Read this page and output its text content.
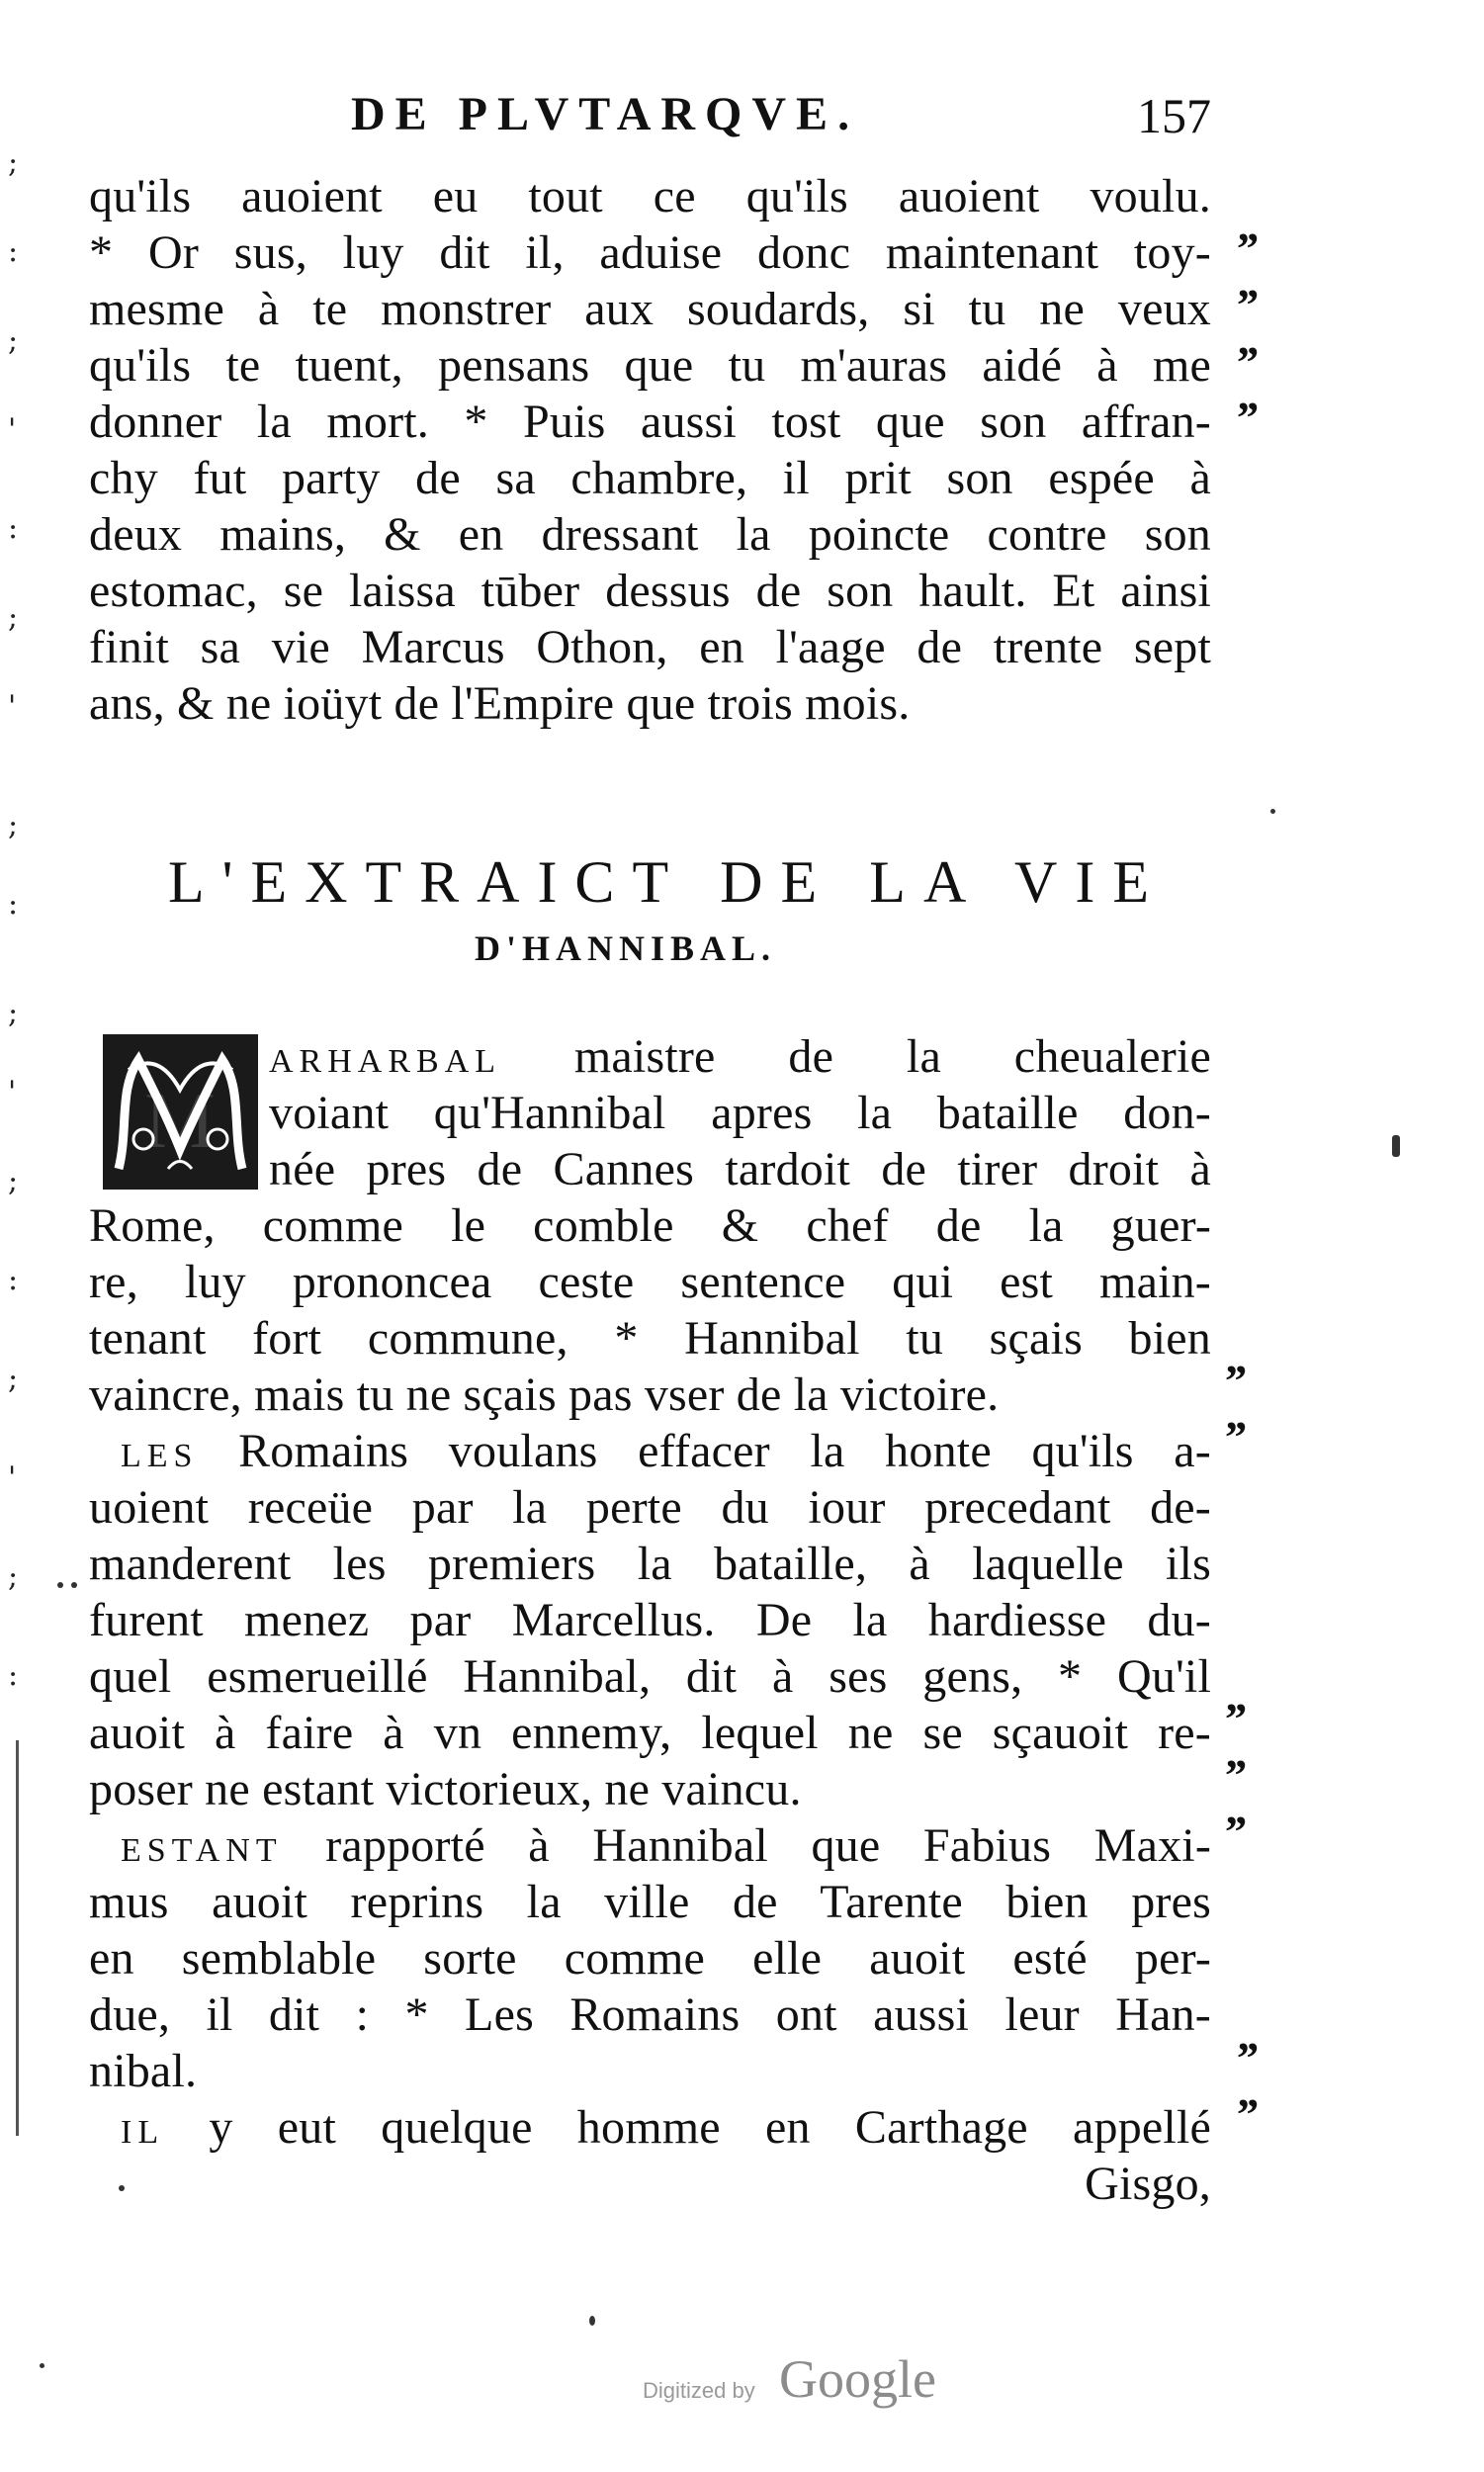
;
:
;
'
:
;
'
;
:
;
'
;
:
;
'
;
:
DE PLVTARQVE.	157
qu'ils auoient eu tout ce qu'ils auoient voulu.
* Or sus, luy dit il, aduise donc maintenant toy-
mesme à te monstrer aux soudards, si tu ne veux
qu'ils te tuent, pensans que tu m'auras aidé à me
donner la mort. * Puis aussi tost que son affran-
chy fut party de sa chambre, il prit son espée à
deux mains, & en dressant la poincte contre son
estomac, se laissa tūber dessus de son hault. Et ainsi
finit sa vie Marcus Othon, en l'aage de trente sept
ans, & ne ioüyt de l'Empire que trois mois.
L'EXTRAICT DE LA VIE
D'HANNIBAL.
M
ARHARBAL maistre de la cheualerie
voiant qu'Hannibal apres la bataille don-
née pres de Cannes tardoit de tirer droit à
Rome, comme le comble & chef de la guer-
re, luy prononcea ceste sentence qui est main-
tenant fort commune, * Hannibal tu sçais bien
vaincre, mais tu ne sçais pas vser de la victoire.
LES Romains voulans effacer la honte qu'ils a-
uoient receüe par la perte du iour precedant de-
manderent les premiers la bataille, à laquelle ils
furent menez par Marcellus. De la hardiesse du-
quel esmerueillé Hannibal, dit à ses gens, * Qu'il
auoit à faire à vn ennemy, lequel ne se sçauoit re-
poser ne estant victorieux, ne vaincu.
ESTANT rapporté à Hannibal que Fabius Maxi-
mus auoit reprins la ville de Tarente bien pres
en semblable sorte comme elle auoit esté per-
due, il dit : * Les Romains ont aussi leur Han-
nibal.
IL y eut quelque homme en Carthage appellé
Gisgo,
,,
,,
,,
,,
,,
,,
,,
,,
,,
,,
,,
Digitized by Google
